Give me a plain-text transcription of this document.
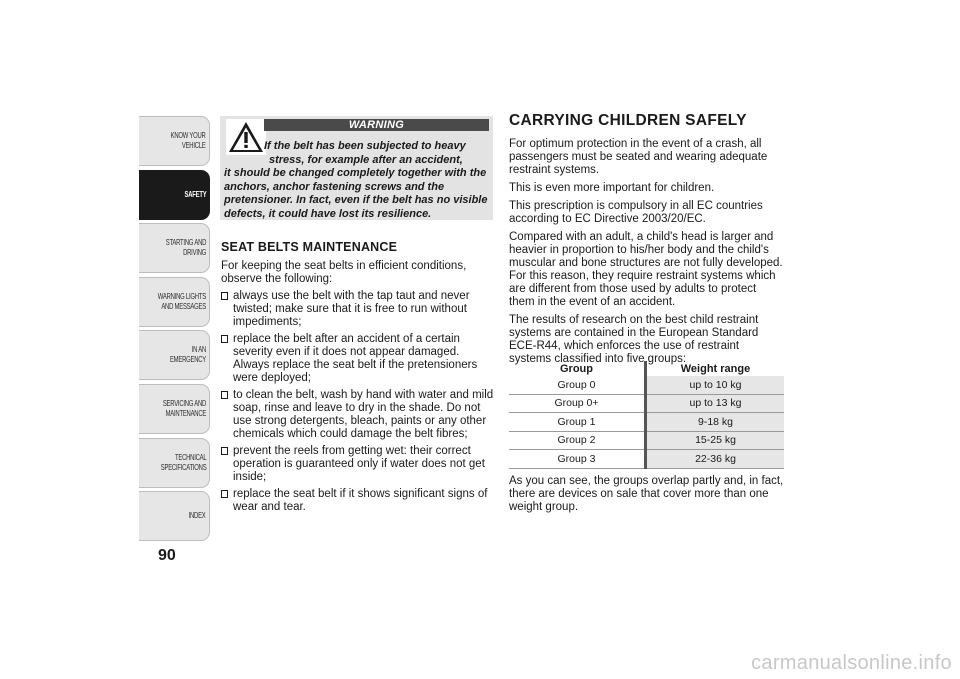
KNOW YOUR
VEHICLE
SAFETY
STARTING AND
DRIVING
WARNING LIGHTS
AND MESSAGES
IN AN EMERGENCY
SERVICING AND
MAINTENANCE
TECHNICAL
SPECIFICATIONS
INDEX
90
WARNING
If the belt has been subjected to heavy
stress, for example after an accident,
it should be changed completely together with the anchors, anchor fastening screws and the pretensioner. In fact, even if the belt has no visible defects, it could have lost its resilience.
SEAT BELTS MAINTENANCE
For keeping the seat belts in efficient conditions, observe the following:
always use the belt with the tap taut and never twisted; make sure that it is free to run without impediments;
replace the belt after an accident of a certain severity even if it does not appear damaged. Always replace the seat belt if the pretensioners were deployed;
to clean the belt, wash by hand with water and mild soap, rinse and leave to dry in the shade. Do not use strong detergents, bleach, paints or any other chemicals which could damage the belt fibres;
prevent the reels from getting wet: their correct operation is guaranteed only if water does not get inside;
replace the seat belt if it shows significant signs of wear and tear.
CARRYING CHILDREN SAFELY

For optimum protection in the event of a crash, all passengers must be seated and wearing adequate restraint systems.

This is even more important for children.

This prescription is compulsory in all EC countries according to EC Directive 2003/20/EC.

Compared with an adult, a child's head is larger and heavier in proportion to his/her body and the child's muscular and bone structures are not fully developed. For this reason, they require restraint systems which are different from those used by adults to protect them in the event of an accident.

The results of research on the best child restraint systems are contained in the European Standard ECE-R44, which enforces the use of restraint systems classified into five groups:

Group	Weight range
Group 0	up to 10 kg
Group 0+	up to 13 kg
Group 1	9-18 kg
Group 2	15-25 kg
Group 3	22-36 kg
As you can see, the groups overlap partly and, in fact, there are devices on sale that cover more than one weight group.
carmanualsonline.info
